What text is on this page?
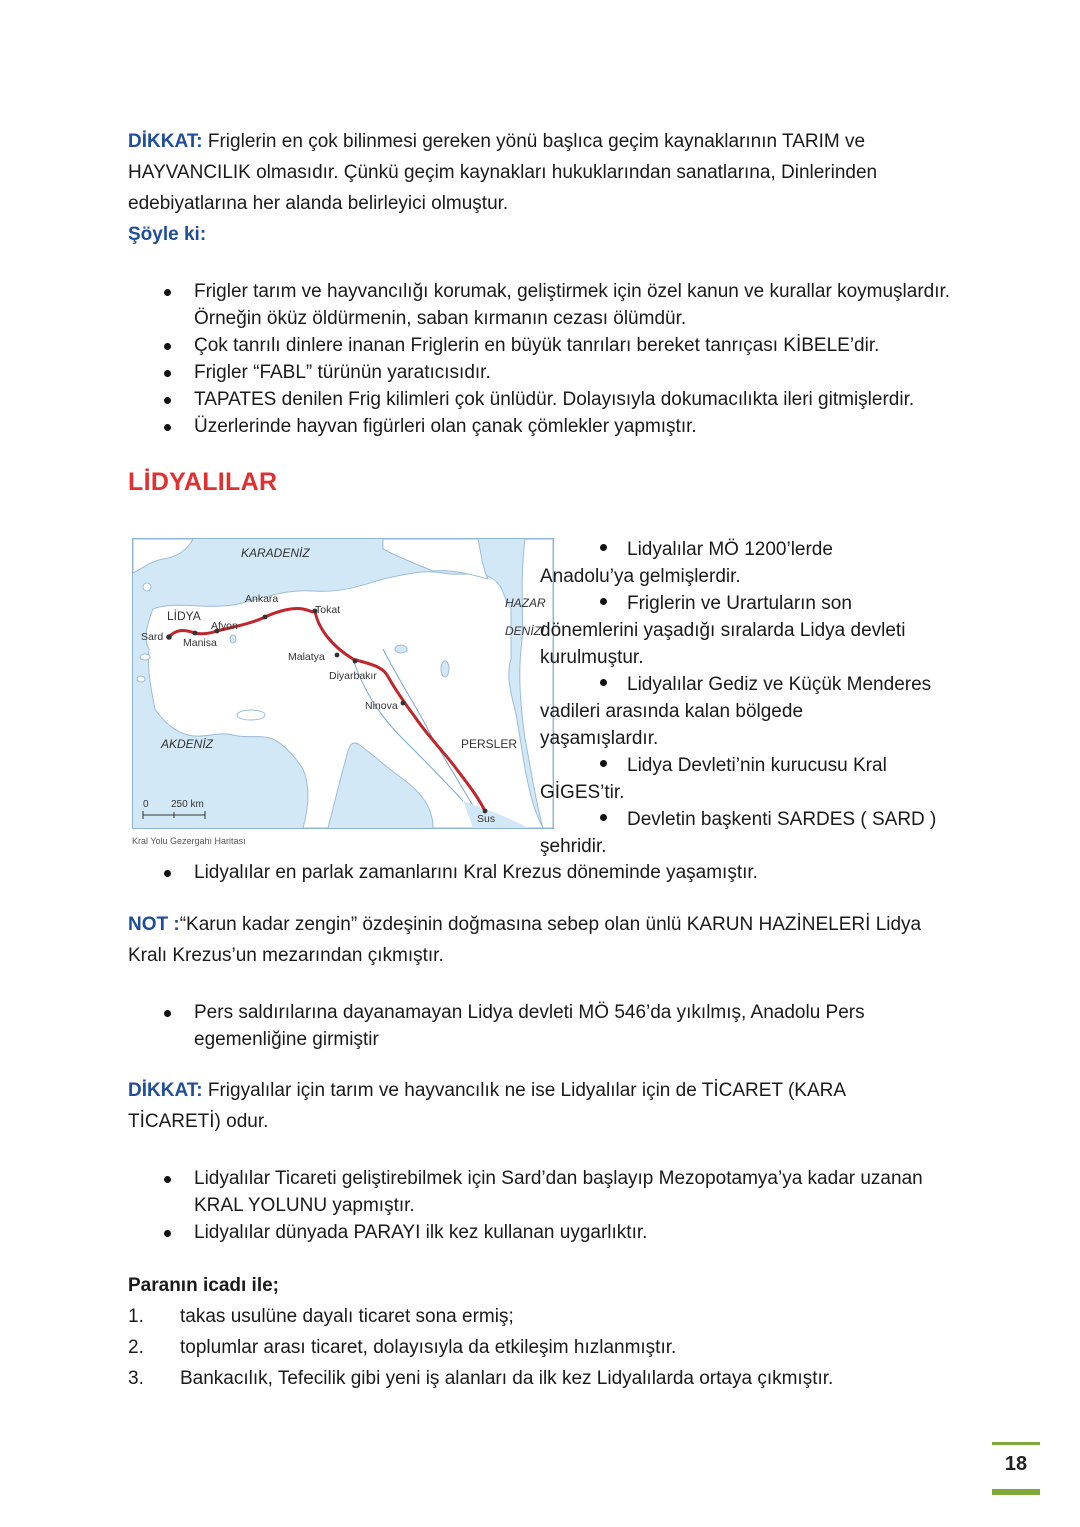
DİKKAT: Friglerin en çok bilinmesi gereken yönü başlıca geçim kaynaklarının TARIM ve
HAYVANCILIK olmasıdır. Çünkü geçim kaynakları hukuklarından sanatlarına, Dinlerinden
edebiyatlarına her alanda belirleyici olmuştur.
Şöyle ki:

Frigler tarım ve hayvancılığı korumak, geliştirmek için özel kanun ve kurallar koymuşlardır. Örneğin öküz öldürmenin, saban kırmanın cezası ölümdür.
Çok tanrılı dinlere inanan Friglerin en büyük tanrıları bereket tanrıçası KİBELE’dir.
Frigler “FABL” türünün yaratıcısıdır.
TAPATES denilen Frig kilimleri çok ünlüdür. Dolayısıyla dokumacılıkta ileri gitmişlerdir.
Üzerlerinde hayvan figürleri olan çanak çömlekler yapmıştır.
LİDYALILAR
KARADENİZ
HAZAR
DENİZİ
AKDENİZ	PERSLER
LİDYA
Sard Manisa
Afyon
Ankara
Tokat
Malatya
Diyarbakır
Ninova
Sus
0 250 km
Kral Yolu Gezergahı Haritası
Lidyalılar MÖ 1200’lerde
Anadolu’ya gelmişlerdir.
Friglerin ve Urartuların son
dönemlerini yaşadığı sıralarda Lidya devleti kurulmuştur.
Lidyalılar Gediz ve Küçük Menderes
vadileri arasında kalan bölgede yaşamışlardır.
Lidya Devleti’nin kurucusu Kral
GİGES’tir.
Devletin başkenti SARDES ( SARD )
şehridir.
Lidyalılar en parlak zamanlarını Kral Krezus döneminde yaşamıştır.

NOT :“Karun kadar zengin” özdeşinin doğmasına sebep olan ünlü KARUN HAZİNELERİ Lidya
Kralı Krezus’un mezarından çıkmıştır.

Pers saldırılarına dayanamayan Lidya devleti MÖ 546’da yıkılmış, Anadolu Pers egemenliğine girmiştir

DİKKAT: Frigyalılar için tarım ve hayvancılık ne ise Lidyalılar için de TİCARET (KARA
TİCARETİ) odur.

Lidyalılar Ticareti geliştirebilmek için Sard’dan başlayıp Mezopotamya’ya kadar uzanan KRAL YOLUNU yapmıştır.
Lidyalılar dünyada PARAYI ilk kez kullanan uygarlıktır.
Paranın icadı ile;
1. takas usulüne dayalı ticaret sona ermiş;
2. toplumlar arası ticaret, dolayısıyla da etkileşim hızlanmıştır.
3. Bankacılık, Tefecilik gibi yeni iş alanları da ilk kez Lidyalılarda ortaya çıkmıştır.
18
